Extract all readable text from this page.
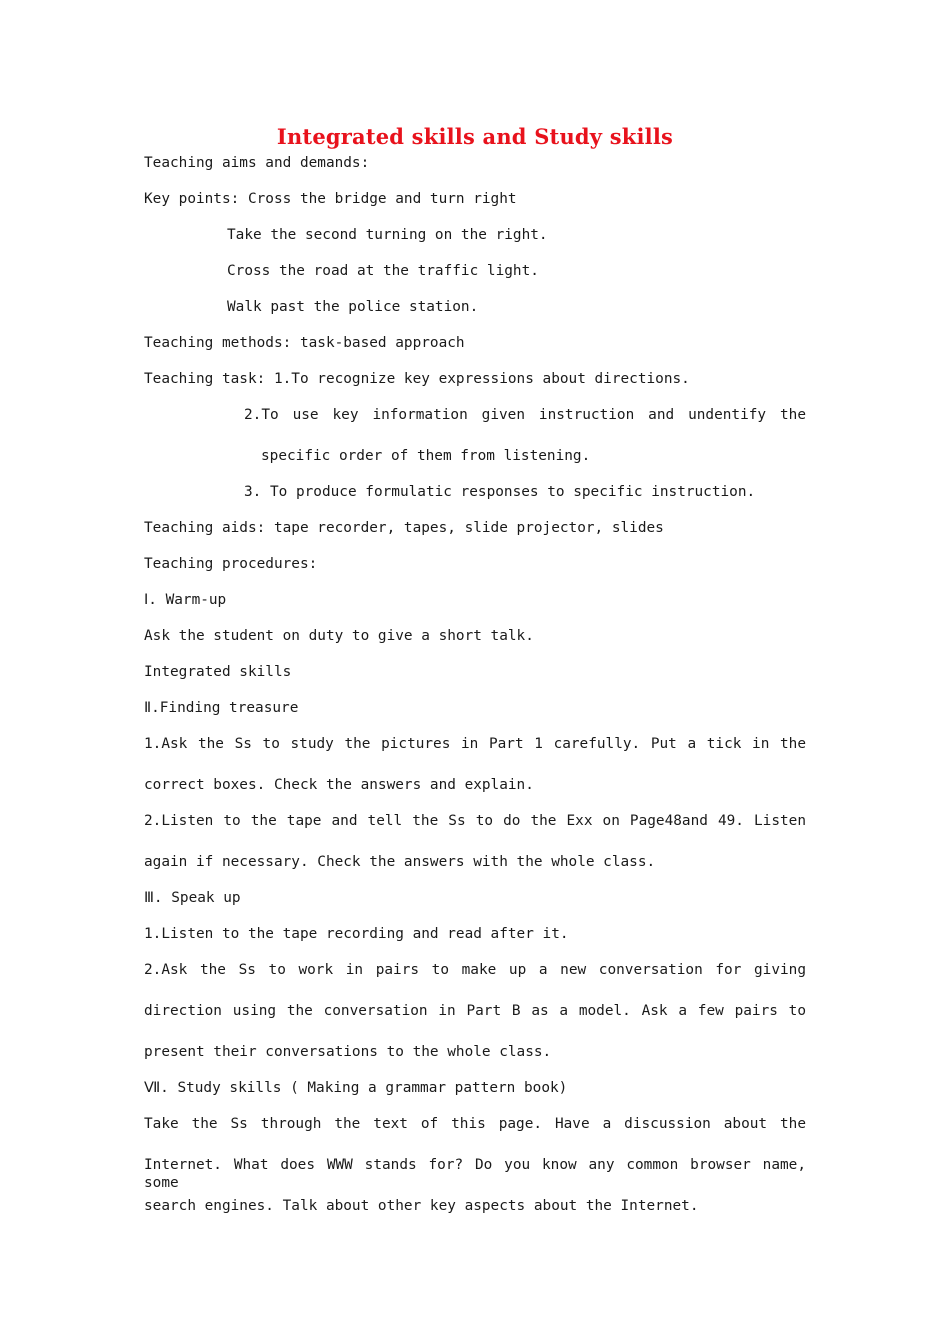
Integrated skills and Study skills
Teaching aims and demands:
Key points: Cross the bridge and turn right
Take the second turning on the right.
Cross the road at the traffic light.
Walk past the police station.
Teaching methods: task-based approach
Teaching task: 1.To recognize key expressions about directions.
2.To use key information given instruction and undentify the
specific order of them from listening.
3. To produce formulatic responses to specific instruction.
Teaching aids: tape recorder, tapes, slide projector, slides
Teaching procedures:
Ⅰ. Warm-up
Ask the student on duty to give a short talk.
Integrated skills
Ⅱ.Finding treasure
1.Ask the Ss to study the pictures in Part 1 carefully. Put a tick in the
correct boxes. Check the answers and explain.
2.Listen to the tape and tell the Ss to do the Exx on Page48and 49. Listen
again if necessary. Check the answers with the whole class.
Ⅲ. Speak up
1.Listen to the tape recording and read after it.
2.Ask the Ss to work in pairs to make up a new conversation for giving
direction using the conversation in Part B as a model. Ask a few pairs to
present their conversations to the whole class.
Ⅶ. Study skills ( Making a grammar pattern book)
Take the Ss through the text of this page. Have a discussion about the
Internet. What does WWW stands for? Do you know any common browser name, some
search engines. Talk about other key aspects about the Internet.
